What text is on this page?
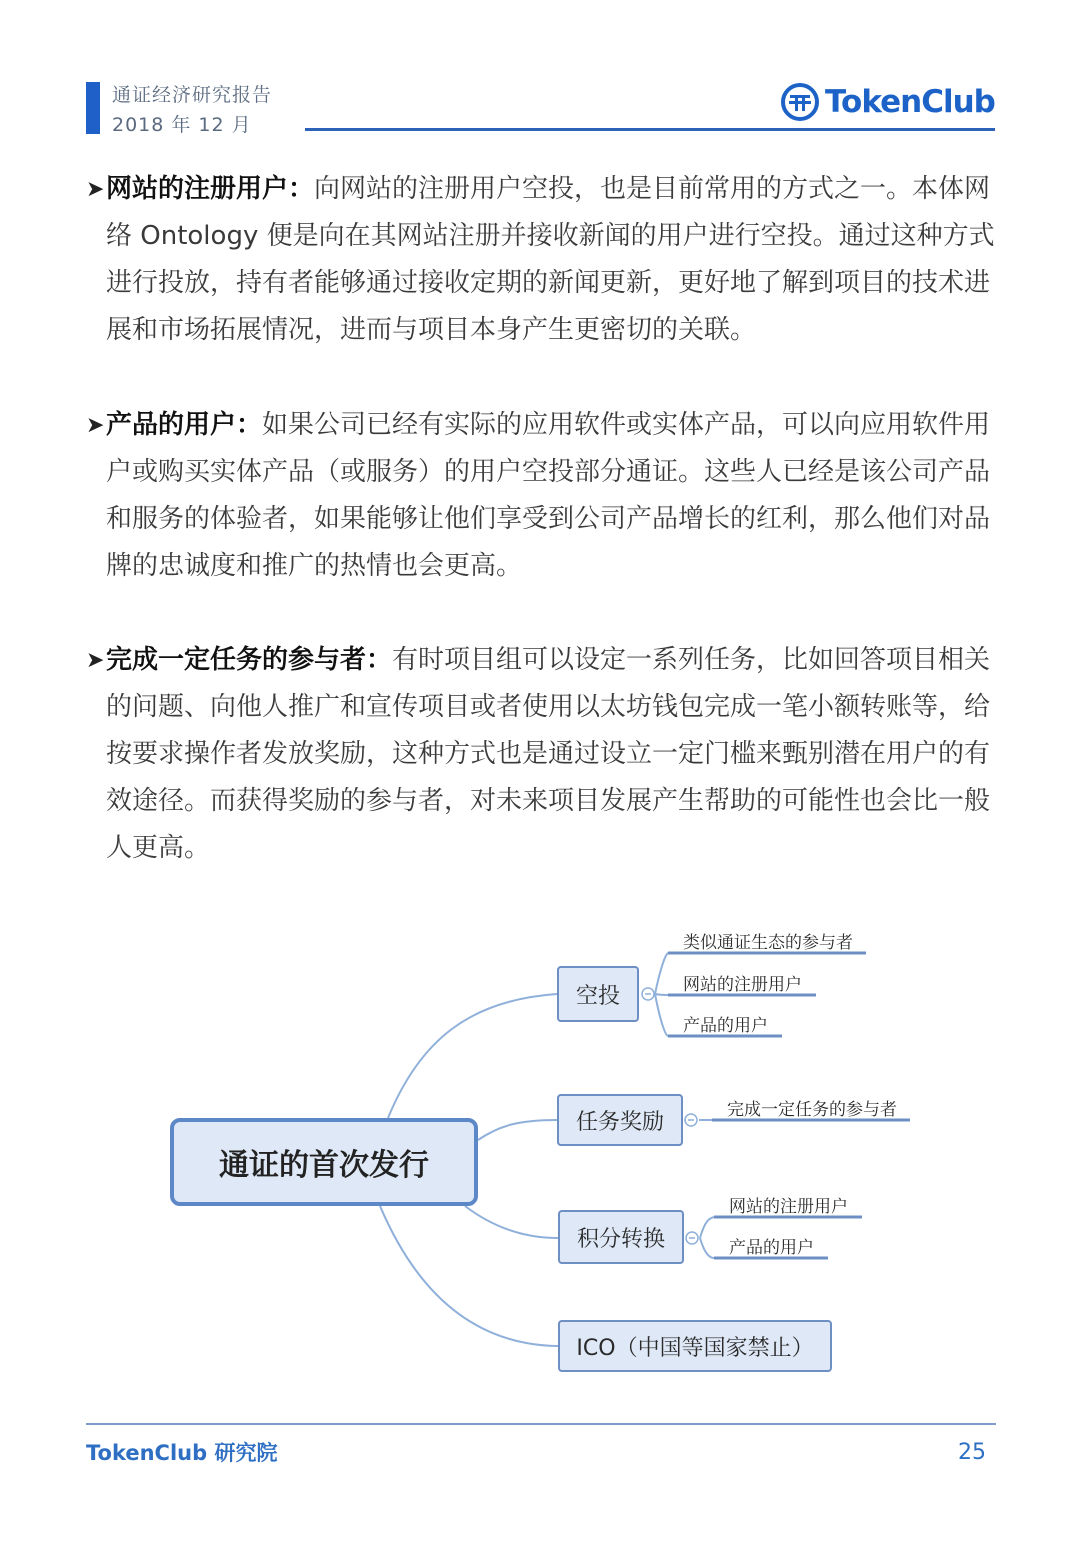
通证经济研究报告
2018 年 12 月
TokenClub
➤ 网站的注册用户：向网站的注册用户空投，也是目前常用的方式之一。本体网络 Ontology 便是向在其网站注册并接收新闻的用户进行空投。通过这种方式进行投放，持有者能够通过接收定期的新闻更新，更好地了解到项目的技术进展和市场拓展情况，进而与项目本身产生更密切的关联。
➤ 产品的用户：如果公司已经有实际的应用软件或实体产品，可以向应用软件用户或购买实体产品（或服务）的用户空投部分通证。这些人已经是该公司产品和服务的体验者，如果能够让他们享受到公司产品增长的红利，那么他们对品牌的忠诚度和推广的热情也会更高。
➤ 完成一定任务的参与者：有时项目组可以设定一系列任务，比如回答项目相关的问题、向他人推广和宣传项目或者使用以太坊钱包完成一笔小额转账等，给按要求操作者发放奖励，这种方式也是通过设立一定门槛来甄别潜在用户的有效途径。而获得奖励的参与者，对未来项目发展产生帮助的可能性也会比一般人更高。
通证的首次发行
空投
任务奖励
积分转换
ICO（中国等国家禁止）
类似通证生态的参与者
网站的注册用户
产品的用户
完成一定任务的参与者
网站的注册用户
产品的用户
TokenClub 研究院	25
